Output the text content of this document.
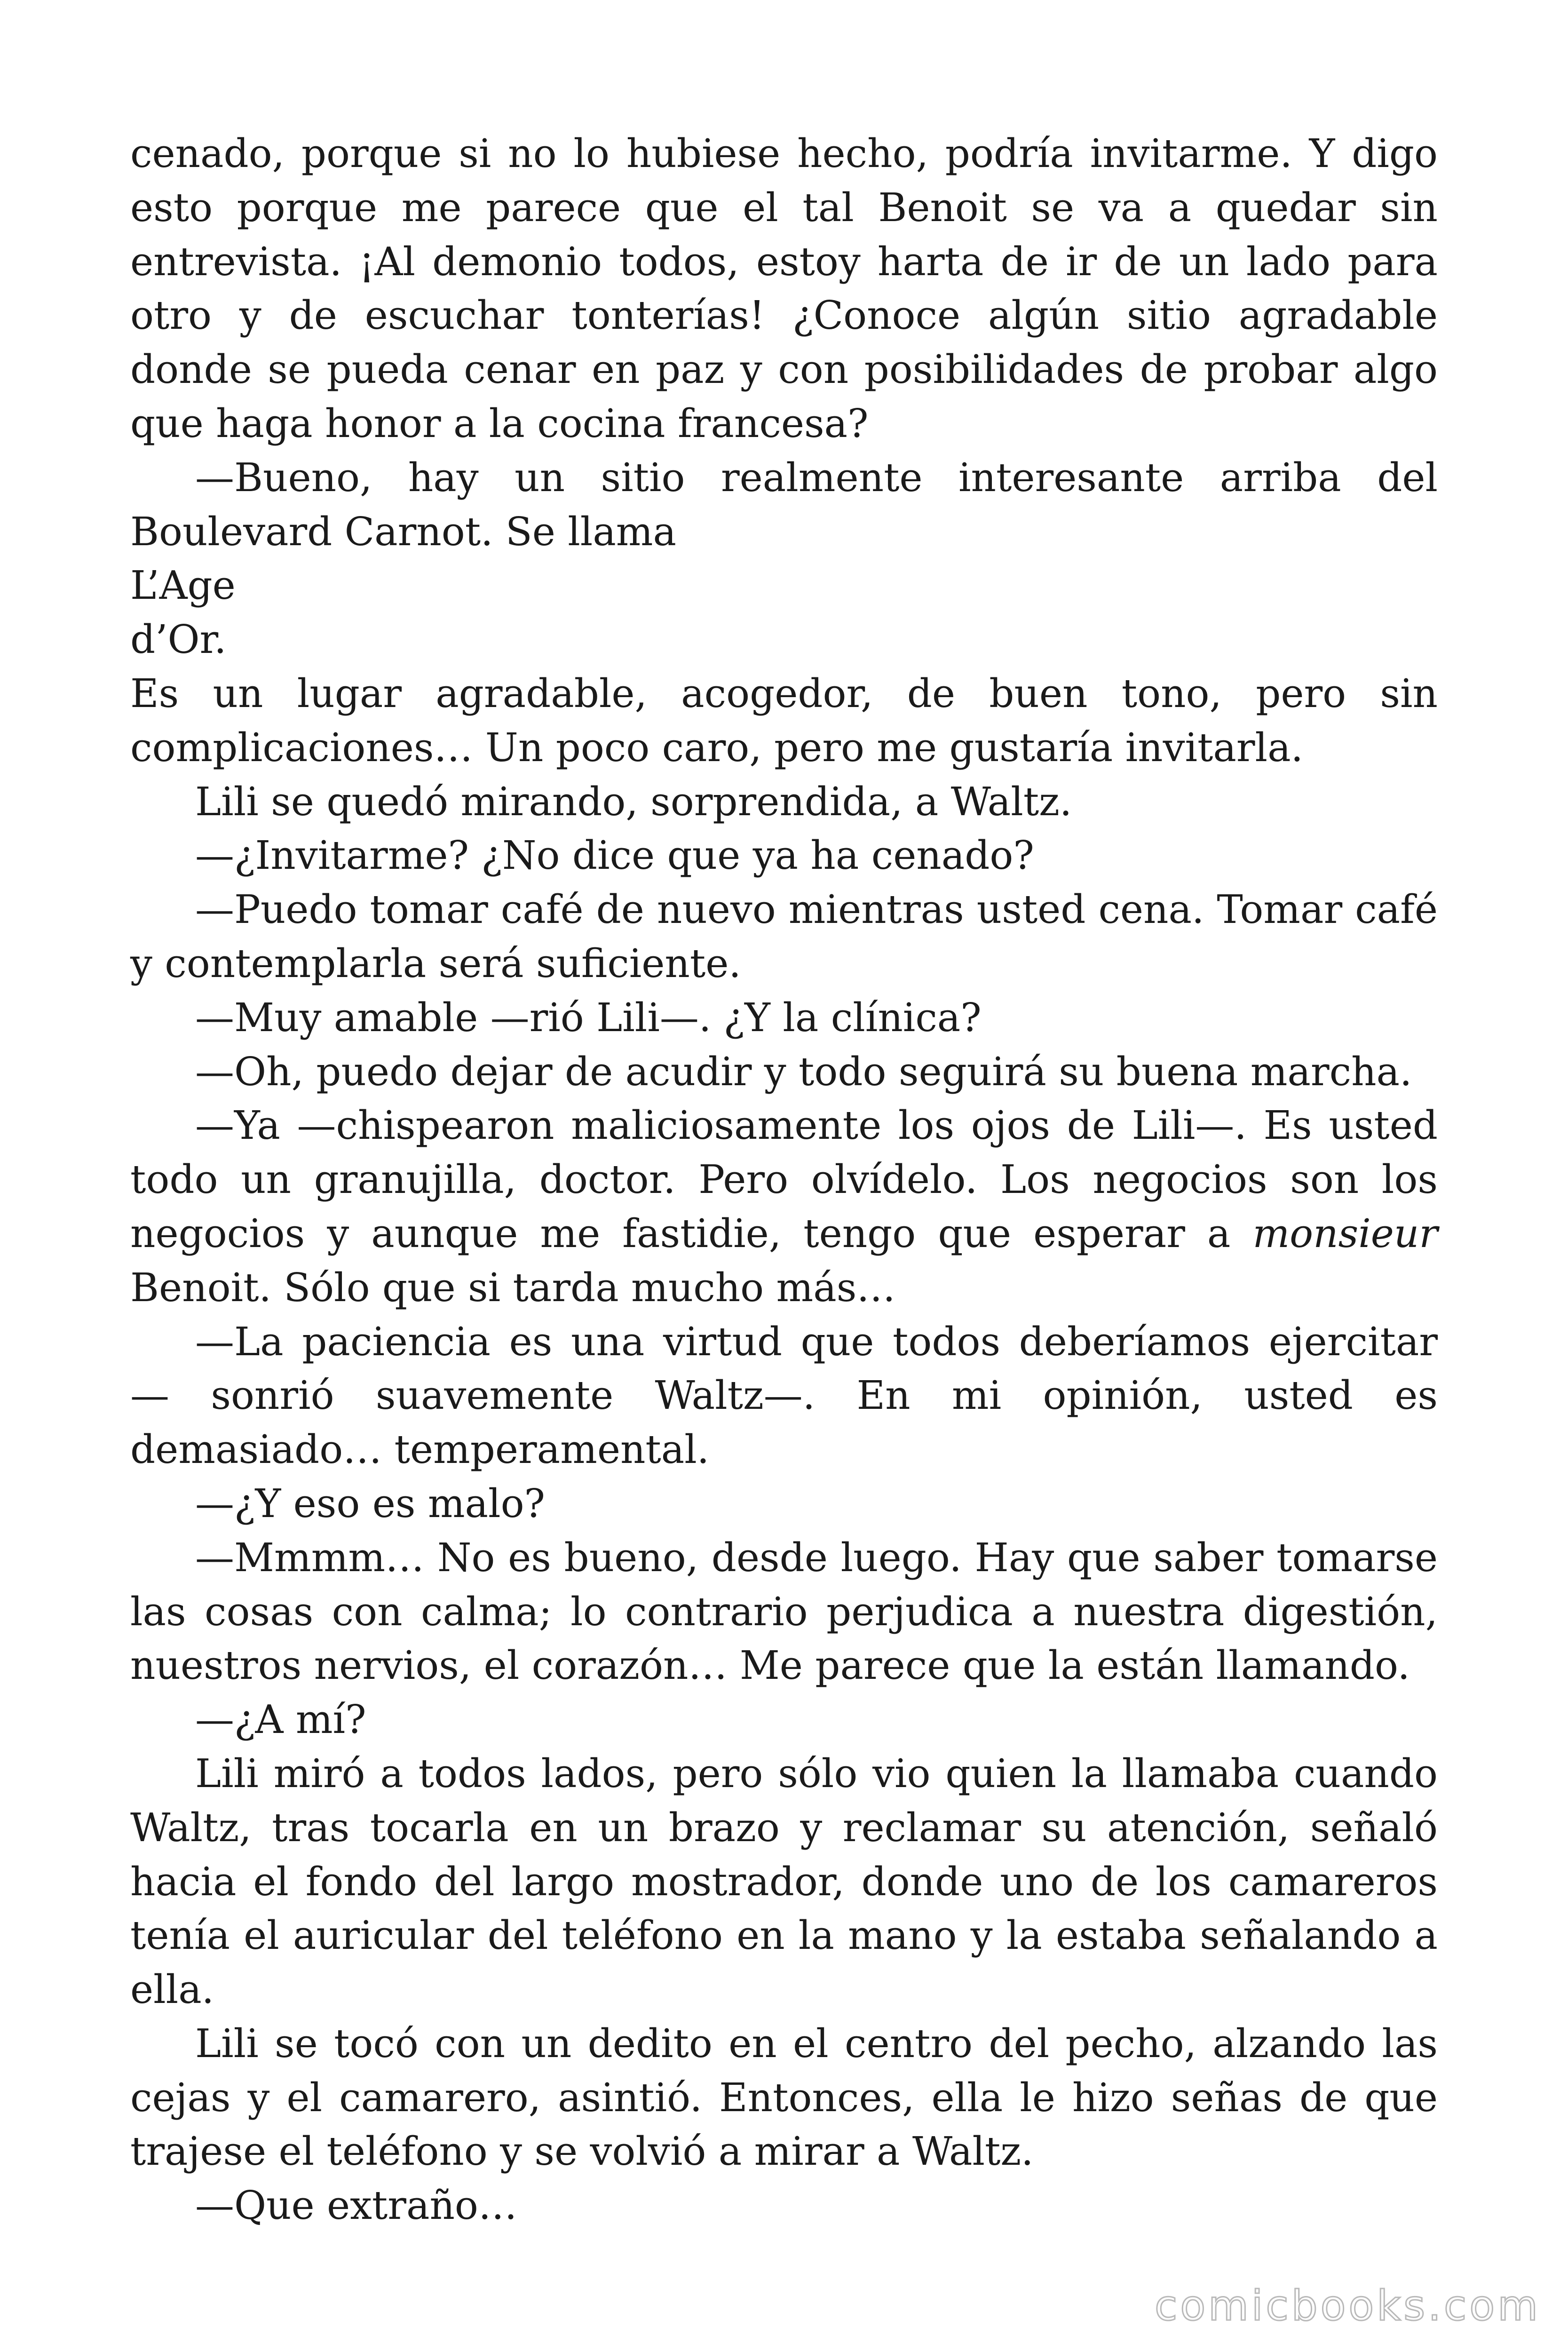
cenado, porque si no lo hubiese hecho, podría invitarme. Y digo esto porque me parece que el tal Benoit se va a quedar sin entrevista. ¡Al demonio todos, estoy harta de ir de un lado para otro y de escuchar tonterías! ¿Conoce algún sitio agradable donde se pueda cenar en paz y con posibilidades de probar algo que haga honor a la cocina francesa?

—Bueno, hay un sitio realmente interesante arriba del Boulevard Carnot. Se llama

L’Age

d’Or.

Es un lugar agradable, acogedor, de buen tono, pero sin complicaciones… Un poco caro, pero me gustaría invitarla.

Lili se quedó mirando, sorprendida, a Waltz.

—¿Invitarme? ¿No dice que ya ha cenado?

—Puedo tomar café de nuevo mientras usted cena. Tomar café y contemplarla será suficiente.

—Muy amable —rió Lili—. ¿Y la clínica?

—Oh, puedo dejar de acudir y todo seguirá su buena marcha.

—Ya —chispearon maliciosamente los ojos de Lili—. Es usted todo un granujilla, doctor. Pero olvídelo. Los negocios son los negocios y aunque me fastidie, tengo que esperar a monsieur Benoit. Sólo que si tarda mucho más…

—La paciencia es una virtud que todos deberíamos ejercitar — sonrió suavemente Waltz—. En mi opinión, usted es demasiado… temperamental.

—¿Y eso es malo?

—Mmmm… No es bueno, desde luego. Hay que saber tomarse las cosas con calma; lo contrario perjudica a nuestra digestión, nuestros nervios, el corazón… Me parece que la están llamando.

—¿A mí?

Lili miró a todos lados, pero sólo vio quien la llamaba cuando Waltz, tras tocarla en un brazo y reclamar su atención, señaló hacia el fondo del largo mostrador, donde uno de los camareros tenía el auricular del teléfono en la mano y la estaba señalando a ella.

Lili se tocó con un dedito en el centro del pecho, alzando las cejas y el camarero, asintió. Entonces, ella le hizo señas de que trajese el teléfono y se volvió a mirar a Waltz.

—Que extraño…

comicbooks.com
